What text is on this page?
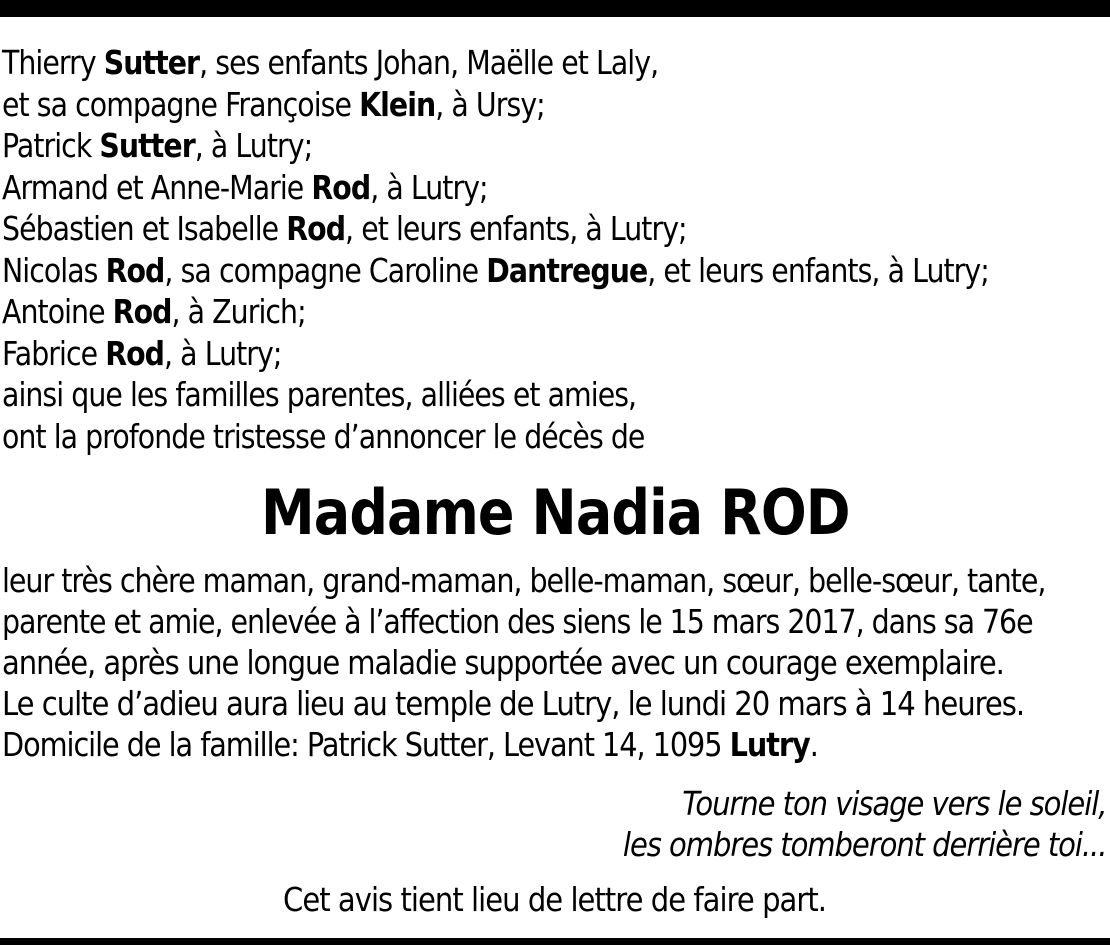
Thierry Sutter, ses enfants Johan, Maëlle et Laly,
et sa compagne Françoise Klein, à Ursy;
Patrick Sutter, à Lutry;
Armand et Anne-Marie Rod, à Lutry;
Sébastien et Isabelle Rod, et leurs enfants, à Lutry;
Nicolas Rod, sa compagne Caroline Dantregue, et leurs enfants, à Lutry;
Antoine Rod, à Zurich;
Fabrice Rod, à Lutry;
ainsi que les familles parentes, alliées et amies,
ont la profonde tristesse d’annoncer le décès de
Madame Nadia ROD
leur très chère maman, grand-maman, belle-maman, sœur, belle-sœur, tante,
parente et amie, enlevée à l’affection des siens le 15 mars 2017, dans sa 76e
année, après une longue maladie supportée avec un courage exemplaire.
Le culte d’adieu aura lieu au temple de Lutry, le lundi 20 mars à 14 heures.
Domicile de la famille: Patrick Sutter, Levant 14, 1095 Lutry.
Tourne ton visage vers le soleil,
les ombres tomberont derrière toi...
Cet avis tient lieu de lettre de faire part.
